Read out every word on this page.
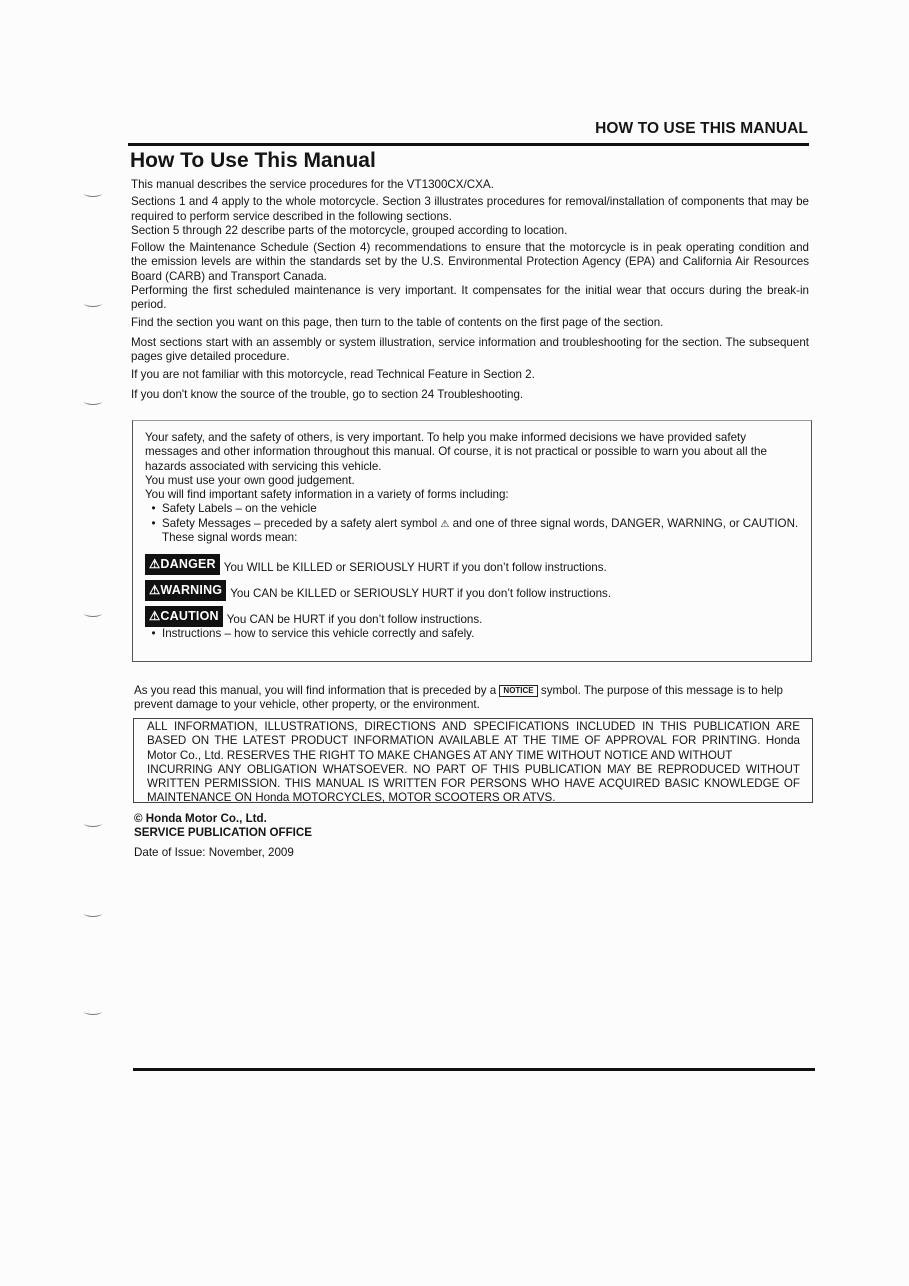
HOW TO USE THIS MANUAL
How To Use This Manual
This manual describes the service procedures for the VT1300CX/CXA.
Sections 1 and 4 apply to the whole motorcycle. Section 3 illustrates procedures for removal/installation of components that may be
required to perform service described in the following sections.
Section 5 through 22 describe parts of the motorcycle, grouped according to location.
Follow the Maintenance Schedule (Section 4) recommendations to ensure that the motorcycle is in peak operating condition and
the emission levels are within the standards set by the U.S. Environmental Protection Agency (EPA) and California Air Resources
Board (CARB) and Transport Canada.
Performing the first scheduled maintenance is very important. It compensates for the initial wear that occurs during the break-in
period.
Find the section you want on this page, then turn to the table of contents on the first page of the section.
Most sections start with an assembly or system illustration, service information and troubleshooting for the section. The subsequent
pages give detailed procedure.
If you are not familiar with this motorcycle, read Technical Feature in Section 2.
If you don't know the source of the trouble, go to section 24 Troubleshooting.
Your safety, and the safety of others, is very important. To help you make informed decisions we have provided safety
messages and other information throughout this manual. Of course, it is not practical or possible to warn you about all the
hazards associated with servicing this vehicle.
You must use your own good judgement.
You will find important safety information in a variety of forms including:
• Safety Labels – on the vehicle
• Safety Messages – preceded by a safety alert symbol ⚠ and one of three signal words, DANGER, WARNING, or CAUTION.
These signal words mean:
⚠DANGER You WILL be KILLED or SERIOUSLY HURT if you don’t follow instructions.
⚠WARNING You CAN be KILLED or SERIOUSLY HURT if you don’t follow instructions.
⚠CAUTION You CAN be HURT if you don’t follow instructions.
• Instructions – how to service this vehicle correctly and safely.
As you read this manual, you will find information that is preceded by a NOTICE symbol. The purpose of this message is to help
prevent damage to your vehicle, other property, or the environment.
ALL INFORMATION, ILLUSTRATIONS, DIRECTIONS AND SPECIFICATIONS INCLUDED IN THIS PUBLICATION ARE
BASED ON THE LATEST PRODUCT INFORMATION AVAILABLE AT THE TIME OF APPROVAL FOR PRINTING. Honda
Motor Co., Ltd. RESERVES THE RIGHT TO MAKE CHANGES AT ANY TIME WITHOUT NOTICE AND WITHOUT
INCURRING ANY OBLIGATION WHATSOEVER. NO PART OF THIS PUBLICATION MAY BE REPRODUCED WITHOUT
WRITTEN PERMISSION. THIS MANUAL IS WRITTEN FOR PERSONS WHO HAVE ACQUIRED BASIC KNOWLEDGE OF
MAINTENANCE ON Honda MOTORCYCLES, MOTOR SCOOTERS OR ATVS.
© Honda Motor Co., Ltd.
SERVICE PUBLICATION OFFICE
Date of Issue: November, 2009
